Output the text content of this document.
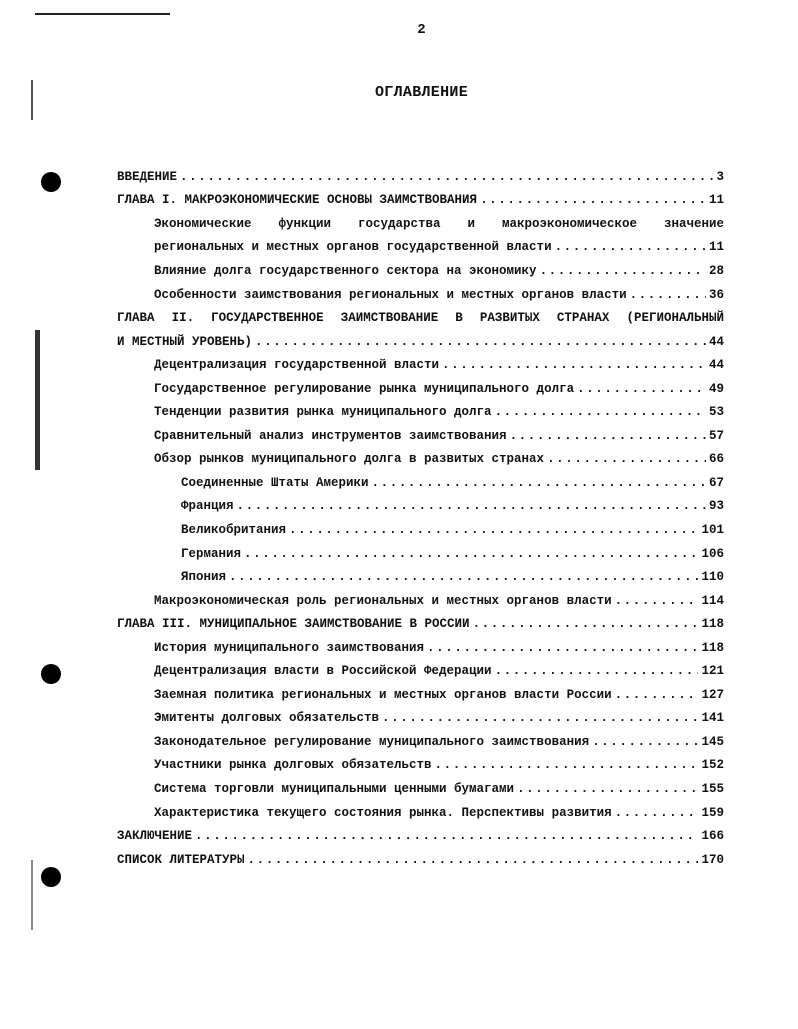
2
ОГЛАВЛЕНИЕ
ВВЕДЕНИЕ .....	3
ГЛАВА I. МАКРОЭКОНОМИЧЕСКИЕ ОСНОВЫ ЗАИМСТВОВАНИЯ .....	11
Экономические функции государства и макроэкономическое значение
региональных и местных органов государственной власти .....	11
Влияние долга государственного сектора на экономику .....	28
Особенности заимствования региональных и местных органов власти .....	36
ГЛАВА II. ГОСУДАРСТВЕННОЕ ЗАИМСТВОВАНИЕ В РАЗВИТЫХ СТРАНАХ (РЕГИОНАЛЬНЫЙ
И МЕСТНЫЙ УРОВЕНЬ) .....	44
Децентрализация государственной власти .....	44
Государственное регулирование рынка муниципального долга .....	49
Тенденции развития рынка муниципального долга .....	53
Сравнительный анализ инструментов заимствования .....	57
Обзор рынков муниципального долга в развитых странах .....	66
Соединенные Штаты Америки .....	67
Франция .....	93
Великобритания .....	101
Германия .....	106
Япония .....	110
Макроэкономическая роль региональных и местных органов власти .....	114
ГЛАВА III. МУНИЦИПАЛЬНОЕ ЗАИМСТВОВАНИЕ В РОССИИ .....	118
История муниципального заимствования .....	118
Децентрализация власти в Российской Федерации .....	121
Заемная политика региональных и местных органов власти России .....	127
Эмитенты долговых обязательств .....	141
Законодательное регулирование муниципального заимствования .....	145
Участники рынка долговых обязательств .....	152
Система торговли муниципальными ценными бумагами .....	155
Характеристика текущего состояния рынка. Перспективы развития .....	159
ЗАКЛЮЧЕНИЕ .....	166
СПИСОК ЛИТЕРАТУРЫ .....	170
